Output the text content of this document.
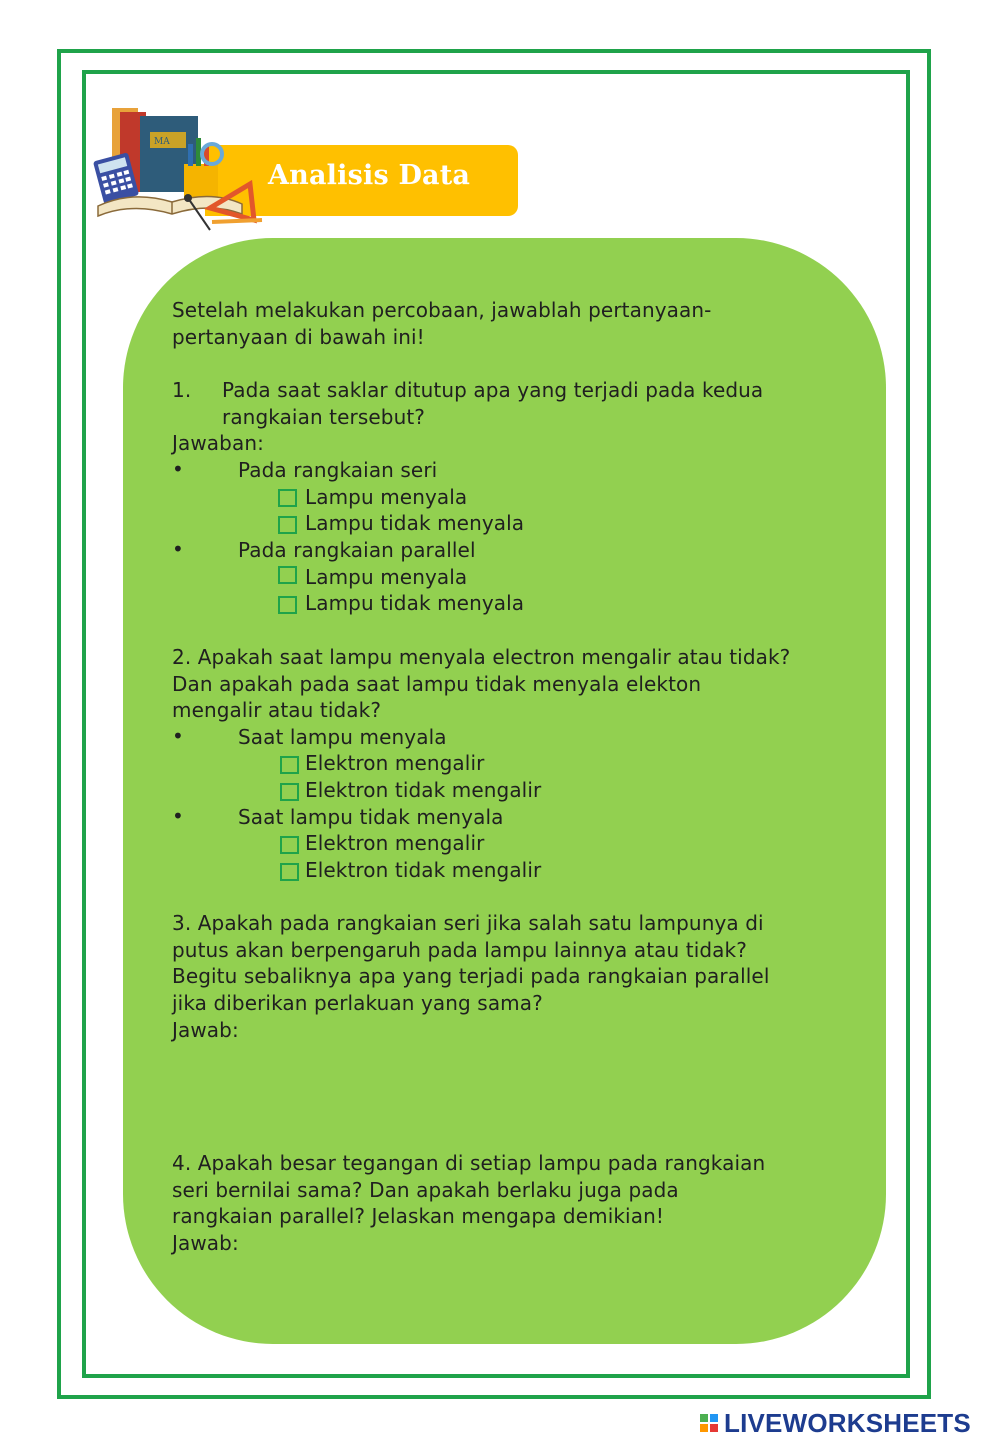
MA
Analisis Data
Setelah melakukan percobaan, jawablah pertanyaan-
pertanyaan di bawah ini!
1. Pada saat saklar ditutup apa yang terjadi pada kedua
rangkaian tersebut?
Jawaban:
•	Pada rangkaian seri
Lampu menyala
Lampu tidak menyala
•	Pada rangkaian parallel
Lampu menyala
Lampu tidak menyala
2. Apakah saat lampu menyala electron mengalir atau tidak?
Dan apakah pada saat lampu tidak menyala elekton
mengalir atau tidak?
•	Saat lampu menyala
Elektron mengalir
Elektron tidak mengalir
•	Saat lampu tidak menyala
Elektron mengalir
Elektron tidak mengalir
3. Apakah pada rangkaian seri jika salah satu lampunya di
putus akan berpengaruh pada lampu lainnya atau tidak?
Begitu sebaliknya apa yang terjadi pada rangkaian parallel
jika diberikan perlakuan yang sama?
Jawab:
4. Apakah besar tegangan di setiap lampu pada rangkaian
seri bernilai sama? Dan apakah berlaku juga pada
rangkaian parallel? Jelaskan mengapa demikian!
Jawab:
LIVEWORKSHEETS
